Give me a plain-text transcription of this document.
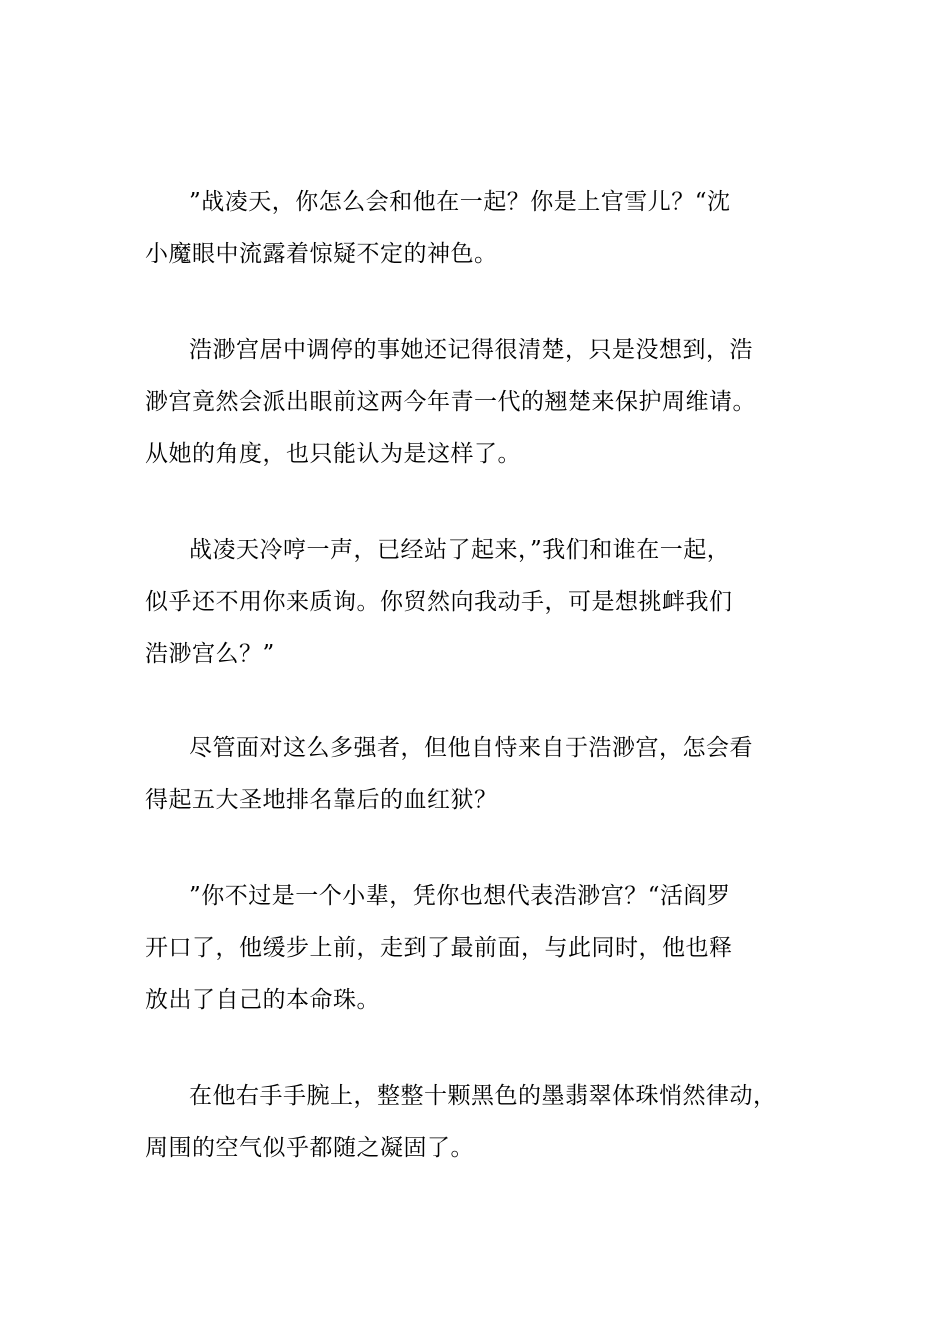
”战凌天，你怎么会和他在一起？你是上官雪儿？“沈
小魔眼中流露着惊疑不定的神色。
浩渺宫居中调停的事她还记得很清楚，只是没想到，浩
渺宫竟然会派出眼前这两今年青一代的翘楚来保护周维请。
从她的角度，也只能认为是这样了。
战凌天冷哼一声，已经站了起来，”我们和谁在一起，
似乎还不用你来质询。你贸然向我动手，可是想挑衅我们
浩渺宫么？”
尽管面对这么多强者，但他自恃来自于浩渺宫，怎会看
得起五大圣地排名靠后的血红狱？
”你不过是一个小辈，凭你也想代表浩渺宫？“活阎罗
开口了，他缓步上前，走到了最前面，与此同时，他也释
放出了自己的本命珠。
在他右手手腕上，整整十颗黑色的墨翡翠体珠悄然律动，
周围的空气似乎都随之凝固了。
